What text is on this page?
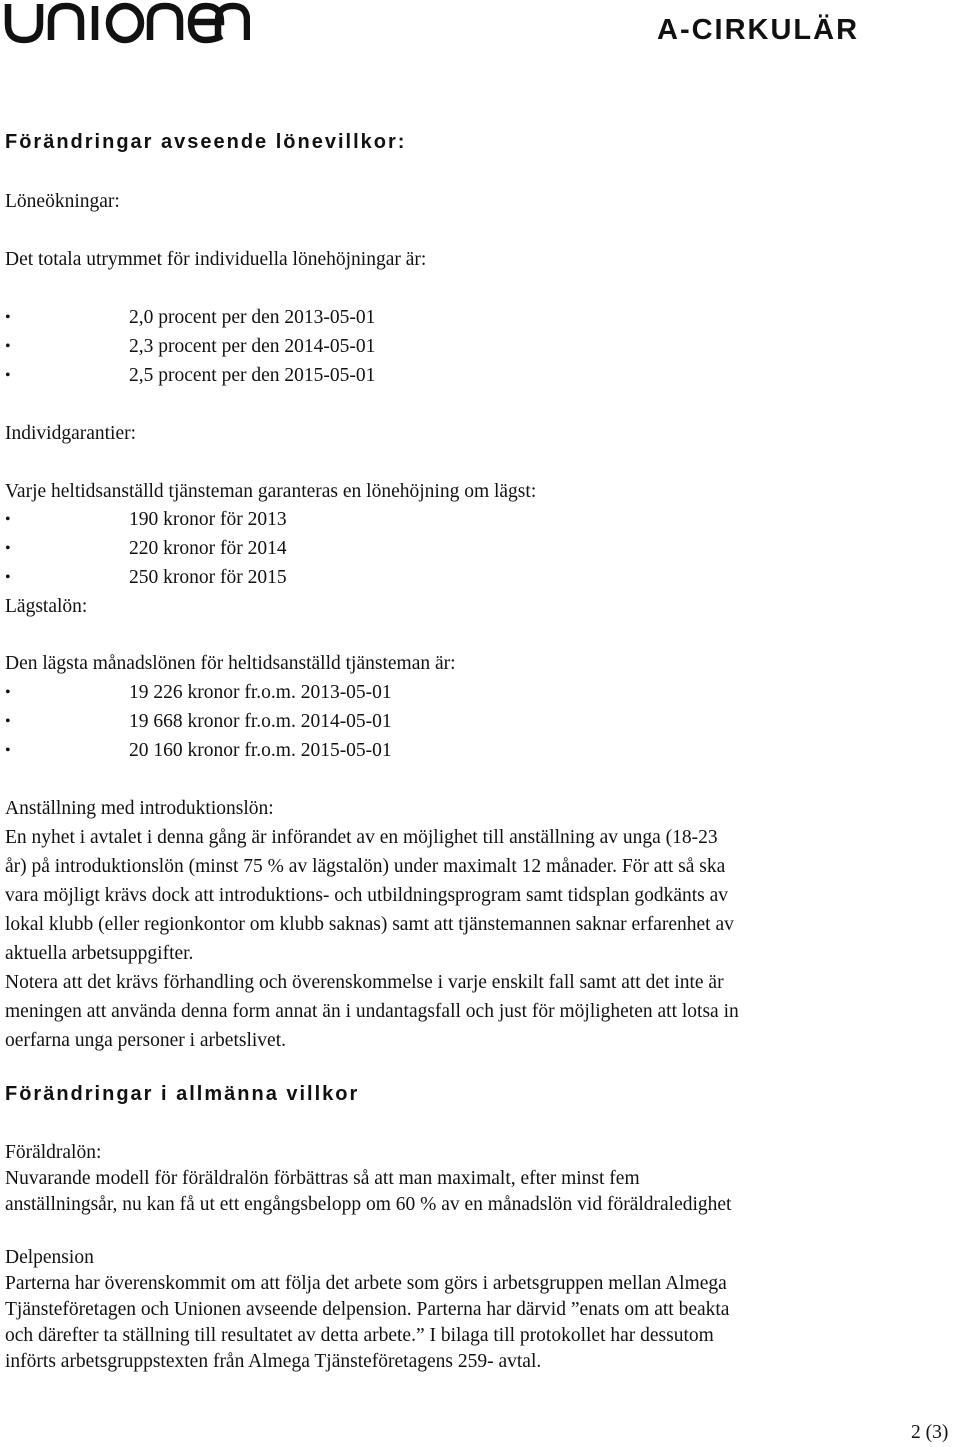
A-CIRKULÄR
Förändringar avseende lönevillkor:
Löneökningar:
Det totala utrymmet för individuella lönehöjningar är:
•	2,0 procent per den 2013-05-01
•	2,3 procent per den 2014-05-01
•	2,5 procent per den 2015-05-01
Individgarantier:
Varje heltidsanställd tjänsteman garanteras en lönehöjning om lägst:
•	190 kronor för 2013
•	220 kronor för 2014
•	250 kronor för 2015
Lägstalön:
Den lägsta månadslönen för heltidsanställd tjänsteman är:
•	19 226 kronor fr.o.m. 2013-05-01
•	19 668 kronor fr.o.m. 2014-05-01
•	20 160 kronor fr.o.m. 2015-05-01
Anställning med introduktionslön:
En nyhet i avtalet i denna gång är införandet av en möjlighet till anställning av unga (18-23
år) på introduktionslön (minst 75 % av lägstalön) under maximalt 12 månader. För att så ska
vara möjligt krävs dock att introduktions- och utbildningsprogram samt tidsplan godkänts av
lokal klubb (eller regionkontor om klubb saknas) samt att tjänstemannen saknar erfarenhet av
aktuella arbetsuppgifter.
Notera att det krävs förhandling och överenskommelse i varje enskilt fall samt att det inte är
meningen att använda denna form annat än i undantagsfall och just för möjligheten att lotsa in
oerfarna unga personer i arbetslivet.
Förändringar i allmänna villkor
Föräldralön:
Nuvarande modell för föräldralön förbättras så att man maximalt, efter minst fem
anställningsår, nu kan få ut ett engångsbelopp om 60 % av en månadslön vid föräldraledighet
Delpension
Parterna har överenskommit om att följa det arbete som görs i arbetsgruppen mellan Almega
Tjänsteföretagen och Unionen avseende delpension. Parterna har därvid ”enats om att beakta
och därefter ta ställning till resultatet av detta arbete.” I bilaga till protokollet har dessutom
införts arbetsgruppstexten från Almega Tjänsteföretagens 259- avtal.
2 (3)
